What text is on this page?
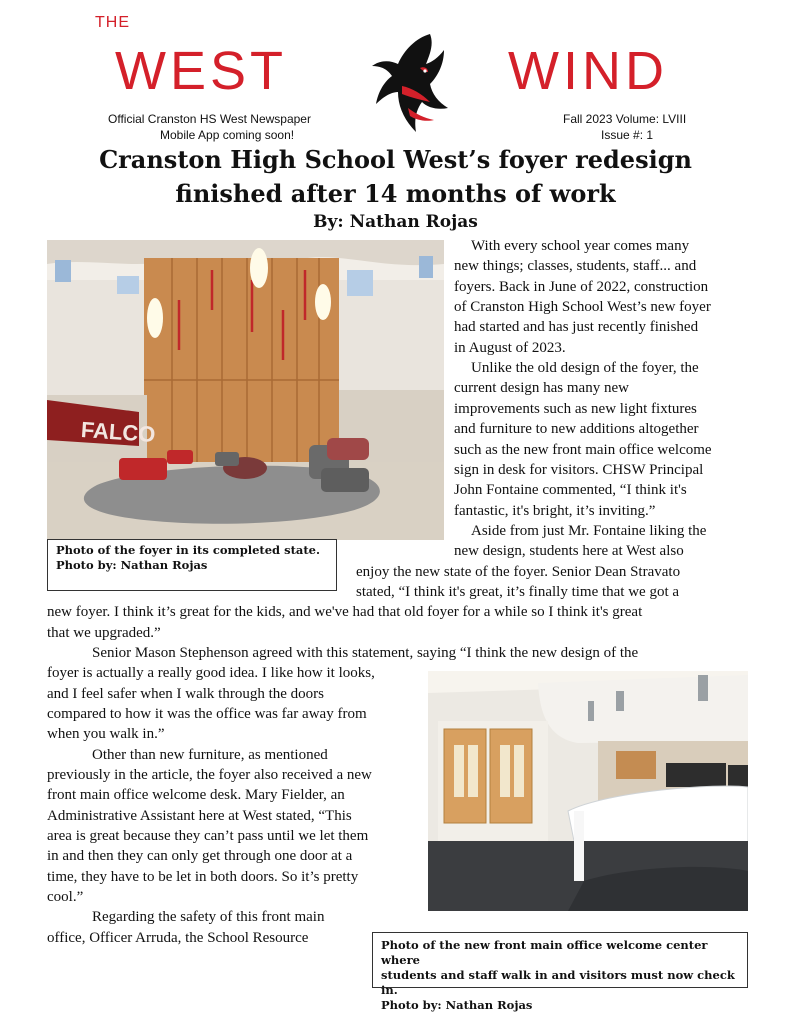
THE
WEST	WIND
Official Cranston HS West Newspaper
Mobile App coming soon!
Fall 2023 Volume: LVIII
Issue #: 1
Cranston High School West’s foyer redesign
finished after 14 months of work
By: Nathan Rojas
FALCO
Photo of the foyer in its completed state.
Photo by: Nathan Rojas
Photo of the new front main office welcome center where
students and staff walk in and visitors must now check in.
Photo by: Nathan Rojas
With every school year comes many
new things; classes, students, staff... and
foyers. Back in June of 2022, construction
of Cranston High School West’s new foyer
had started and has just recently finished
in August of 2023.
Unlike the old design of the foyer, the
current design has many new
improvements such as new light fixtures
and furniture to new additions altogether
such as the new front main office welcome
sign in desk for visitors. CHSW Principal
John Fontaine commented, “I think it's
fantastic, it's bright, it’s inviting.”
Aside from just Mr. Fontaine liking the
new design, students here at West also
enjoy the new state of the foyer. Senior Dean Stravato
stated, “I think it's great, it’s finally time that we got a
new foyer. I think it’s great for the kids, and we've had that old foyer for a while so I think it's great
that we upgraded.”
Senior Mason Stephenson agreed with this statement, saying “I think the new design of the
foyer is actually a really good idea. I like how it looks,
and I feel safer when I walk through the doors
compared to how it was the office was far away from
when you walk in.”
Other than new furniture, as mentioned
previously in the article, the foyer also received a new
front main office welcome desk. Mary Fielder, an
Administrative Assistant here at West stated, “This
area is great because they can’t pass until we let them
in and then they can only get through one door at a
time, they have to be let in both doors. So it’s pretty
cool.”
Regarding the safety of this front main
office, Officer Arruda, the School Resource
